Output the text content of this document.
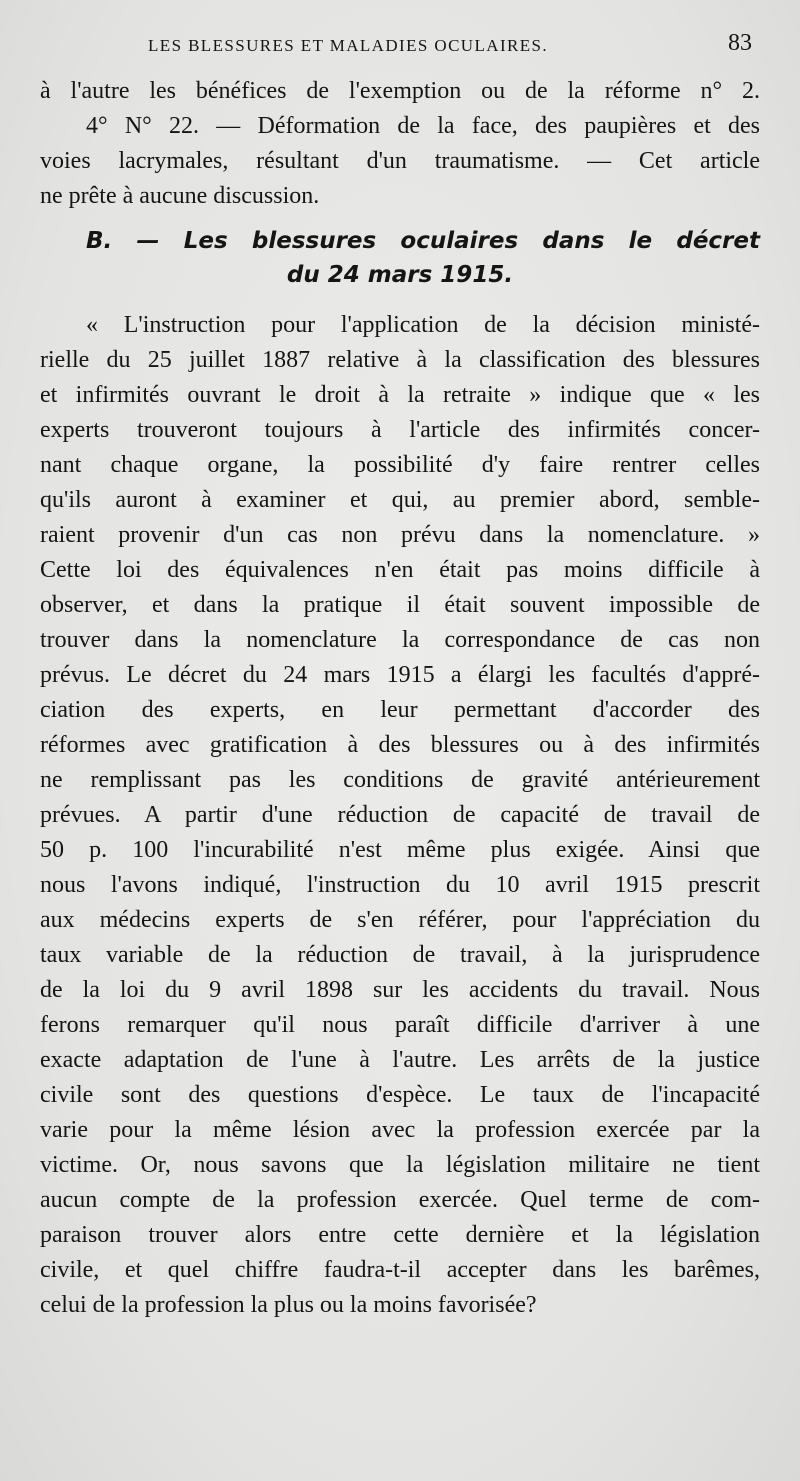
LES BLESSURES ET MALADIES OCULAIRES.	83
à l'autre les bénéfices de l'exemption ou de la réforme n° 2.
4° N° 22. — Déformation de la face, des paupières et des
voies lacrymales, résultant d'un traumatisme. — Cet article
ne prête à aucune discussion.
B. — Les blessures oculaires dans le décret
du 24 mars 1915.
« L'instruction pour l'application de la décision ministé-
rielle du 25 juillet 1887 relative à la classification des blessures
et infirmités ouvrant le droit à la retraite » indique que « les
experts trouveront toujours à l'article des infirmités concer-
nant chaque organe, la possibilité d'y faire rentrer celles
qu'ils auront à examiner et qui, au premier abord, semble-
raient provenir d'un cas non prévu dans la nomenclature. »
Cette loi des équivalences n'en était pas moins difficile à
observer, et dans la pratique il était souvent impossible de
trouver dans la nomenclature la correspondance de cas non
prévus. Le décret du 24 mars 1915 a élargi les facultés d'appré-
ciation des experts, en leur permettant d'accorder des
réformes avec gratification à des blessures ou à des infirmités
ne remplissant pas les conditions de gravité antérieurement
prévues. A partir d'une réduction de capacité de travail de
50 p. 100 l'incurabilité n'est même plus exigée. Ainsi que
nous l'avons indiqué, l'instruction du 10 avril 1915 prescrit
aux médecins experts de s'en référer, pour l'appréciation du
taux variable de la réduction de travail, à la jurisprudence
de la loi du 9 avril 1898 sur les accidents du travail. Nous
ferons remarquer qu'il nous paraît difficile d'arriver à une
exacte adaptation de l'une à l'autre. Les arrêts de la justice
civile sont des questions d'espèce. Le taux de l'incapacité
varie pour la même lésion avec la profession exercée par la
victime. Or, nous savons que la législation militaire ne tient
aucun compte de la profession exercée. Quel terme de com-
paraison trouver alors entre cette dernière et la législation
civile, et quel chiffre faudra-t-il accepter dans les barêmes,
celui de la profession la plus ou la moins favorisée?
